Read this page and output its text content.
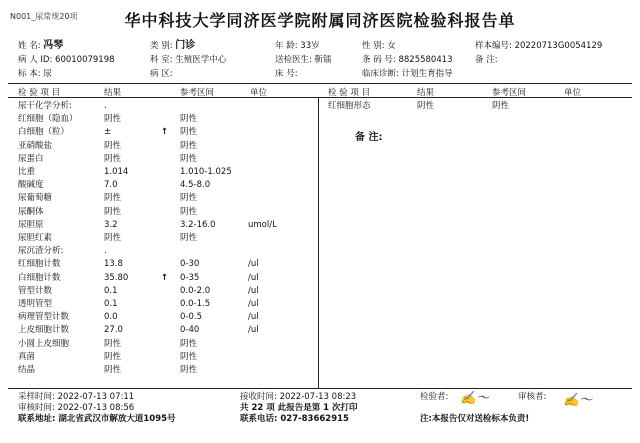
N001_尿常规20项	华中科技大学同济医学院附属同济医院检验科报告单
姓 名: 冯琴	类 别: 门诊	年 龄: 33岁	性 别: 女	样本编号: 20220713G0054129
病 人 ID: 60010079198	科 室: 生殖医学中心	送检医生: 靳镭	条 码 号: 8825580413	备 注:
标 本: 尿	病 区:	床 号:	临床诊断: 计划生育指导
检 验 项 目	结果	参考区间	单位	检 验 项 目	结果	参考区间	单位
尿干化学分析:	.
红细胞（隐血）	阴性	阴性
白细胞（粒）	±	↑ 阴性
亚硝酸盐	阴性	阴性
尿蛋白	阴性	阴性
比重	1.014	1.010-1.025
酸碱度	7.0	4.5-8.0
尿葡萄糖	阴性	阴性
尿酮体	阴性	阴性
尿胆原	3.2	3.2-16.0	umol/L
尿胆红素	阴性	阴性
尿沉渣分析:	.
红细胞计数	13.8	0-30	/ul
白细胞计数	35.80	↑ 0-35	/ul
管型计数	0.1	0.0-2.0	/ul
透明管型	0.1	0.0-1.5	/ul
病理管型计数	0.0	0-0.5	/ul
上皮细胞计数	27.0	0-40	/ul
小圆上皮细胞	阴性	阴性
真菌	阴性	阴性
结晶	阴性	阴性
红细胞形态	阴性	阴性
备 注:
采样时间: 2022-07-13 07:11
审核时间: 2022-07-13 08:56
接收时间: 2022-07-13 08:23
共 22 项 此报告是第 1 次打印
检验者: ✍〜	审核者: ✍〜
联系地址: 湖北省武汉市解放大道1095号	联系电话: 027-83662915	注:本报告仅对送检标本负责!
